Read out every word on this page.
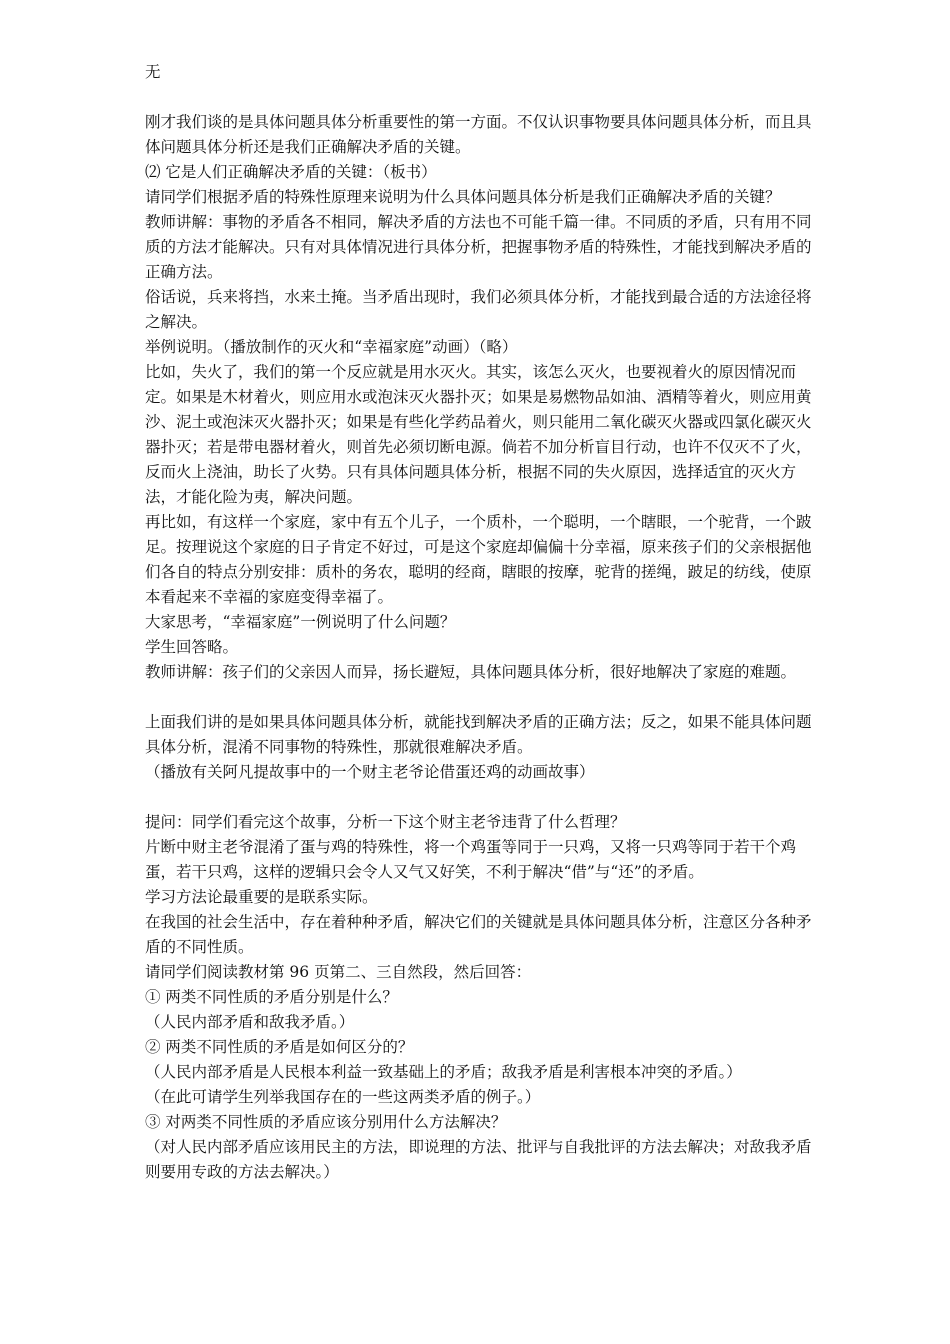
无

刚才我们谈的是具体问题具体分析重要性的第一方面。不仅认识事物要具体问题具体分析，而且具体问题具体分析还是我们正确解决矛盾的关键。

⑵ 它是人们正确解决矛盾的关键：（板书）

请同学们根据矛盾的特殊性原理来说明为什么具体问题具体分析是我们正确解决矛盾的关键？

教师讲解：事物的矛盾各不相同，解决矛盾的方法也不可能千篇一律。不同质的矛盾，只有用不同质的方法才能解决。只有对具体情况进行具体分析，把握事物矛盾的特殊性，才能找到解决矛盾的正确方法。

俗话说，兵来将挡，水来土掩。当矛盾出现时，我们必须具体分析，才能找到最合适的方法途径将之解决。

举例说明。（播放制作的灭火和“幸福家庭”动画）（略）

比如，失火了，我们的第一个反应就是用水灭火。其实，该怎么灭火，也要视着火的原因情况而定。如果是木材着火，则应用水或泡沫灭火器扑灭；如果是易燃物品如油、酒精等着火，则应用黄沙、泥土或泡沫灭火器扑灭；如果是有些化学药品着火，则只能用二氧化碳灭火器或四氯化碳灭火器扑灭；若是带电器材着火，则首先必须切断电源。倘若不加分析盲目行动，也许不仅灭不了火，反而火上浇油，助长了火势。只有具体问题具体分析，根据不同的失火原因，选择适宜的灭火方法，才能化险为夷，解决问题。

再比如，有这样一个家庭，家中有五个儿子，一个质朴，一个聪明，一个瞎眼，一个驼背，一个跛足。按理说这个家庭的日子肯定不好过，可是这个家庭却偏偏十分幸福，原来孩子们的父亲根据他们各自的特点分别安排：质朴的务农，聪明的经商，瞎眼的按摩，驼背的搓绳，跛足的纺线，使原本看起来不幸福的家庭变得幸福了。

大家思考，“幸福家庭”一例说明了什么问题？

学生回答略。

教师讲解：孩子们的父亲因人而异，扬长避短，具体问题具体分析，很好地解决了家庭的难题。

上面我们讲的是如果具体问题具体分析，就能找到解决矛盾的正确方法；反之，如果不能具体问题具体分析，混淆不同事物的特殊性，那就很难解决矛盾。

（播放有关阿凡提故事中的一个财主老爷论借蛋还鸡的动画故事）

提问：同学们看完这个故事，分析一下这个财主老爷违背了什么哲理？

片断中财主老爷混淆了蛋与鸡的特殊性，将一个鸡蛋等同于一只鸡，又将一只鸡等同于若干个鸡蛋，若干只鸡，这样的逻辑只会令人又气又好笑，不利于解决“借”与“还”的矛盾。

学习方法论最重要的是联系实际。

在我国的社会生活中，存在着种种矛盾，解决它们的关键就是具体问题具体分析，注意区分各种矛盾的不同性质。

请同学们阅读教材第 96 页第二、三自然段，然后回答：

① 两类不同性质的矛盾分别是什么？

（人民内部矛盾和敌我矛盾。）

② 两类不同性质的矛盾是如何区分的？

（人民内部矛盾是人民根本利益一致基础上的矛盾；敌我矛盾是利害根本冲突的矛盾。）

（在此可请学生列举我国存在的一些这两类矛盾的例子。）

③ 对两类不同性质的矛盾应该分别用什么方法解决？

（对人民内部矛盾应该用民主的方法，即说理的方法、批评与自我批评的方法去解决；对敌我矛盾则要用专政的方法去解决。）
